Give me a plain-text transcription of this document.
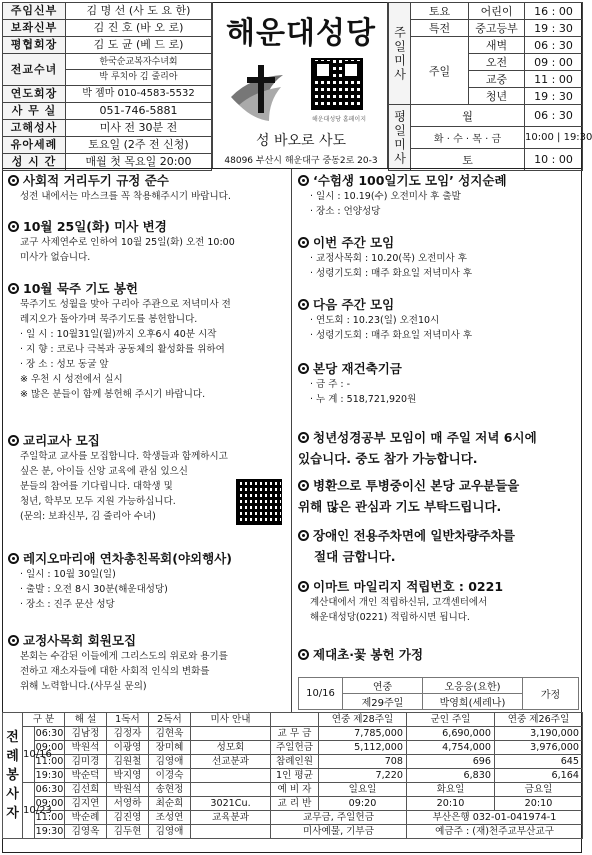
주임신부	김 명 선 (사 도 요 한)
보좌신부	김 진 호 (바 오 로)
평협회장	김 도 균 (베 드 로)
전교수녀	한국순교복자수녀회
박 루치아 김 줄리아

연도회장	박 젬마 010-4583-5532
사 무 실	051-746-5881
고해성사	미사 전 30분 전
유아세례	토요일 (2주 전 신청)
성 시 간	매월 첫 목요일 20:00
해운대성당
해운대성당 홈페이지
성 바오로 사도
48096 부산시 해운대구 중동2로 20-3
주일미사	토요	어린이	16 : 00
	특전	중고등부	19 : 30
	주일	새벽	06 : 30
		오전	09 : 00
		교중	11 : 00
		청년	19 : 30
평일미사	월		06 : 30
	화 · 수 · 목 · 금		10:00 | 19:30
	토		10 : 00
사회적 거리두기 규정 준수

성전 내에서는 마스크를 꼭 착용해주시기 바랍니다.

10월 25일(화) 미사 변경

교구 사제연수로 인하여 10월 25일(화) 오전 10:00

미사가 없습니다.

10월 묵주 기도 봉헌

묵주기도 성월을 맞아 구리아 주관으로 저녁미사 전

레지오가 돌아가며 묵주기도를 봉헌합니다.

· 일 시 : 10월31일(월)까지 오후6시 40분 시작

· 지 향 : 코로나 극복과 공동체의 활성화를 위하여

· 장 소 : 성모 동굴 앞

※ 우천 시 성전에서 실시

※ 많은 분들이 함께 봉헌해 주시기 바랍니다.

교리교사 모집

주일학교 교사를 모집합니다. 학생들과 함께하시고

싶은 분, 아이들 신앙 교육에 관심 있으신

분들의 참여를 기다립니다. 대학생 및

청년, 학부모 모두 지원 가능하십니다.

(문의: 보좌신부, 김 줄리아 수녀)

레지오마리애 연차총친목회(야외행사)

· 일시 : 10월 30일(일)

· 출발 : 오전 8시 30분(해운대성당)

· 장소 : 진주 문산 성당

교정사목회 회원모집

본회는 수감된 이들에게 그리스도의 위로와 용기를

전하고 재소자들에 대한 사회적 인식의 변화를

위해 노력합니다.(사무실 문의)

‘수험생 100일기도 모임’ 성지순례

· 일시 : 10.19(수) 오전미사 후 출발

· 장소 : 언양성당

이번 주간 모임

· 교정사목회 : 10.20(목) 오전미사 후

· 성령기도회 : 매주 화요일 저녁미사 후

다음 주간 모임

· 연도회 : 10.23(일) 오전10시

· 성령기도회 : 매주 화요일 저녁미사 후

본당 재건축기금

· 금 주 : -

· 누 계 : 518,721,920원

청년성경공부 모임이 매 주일 저녁 6시에
있습니다. 중도 참가 가능합니다.
병환으로 투병중이신 본당 교우분들을
위해 많은 관심과 기도 부탁드립니다.
장애인 전용주차면에 일반차량주차를
절대 금합니다.
이마트 마일리지 적립번호 : 0221

계산대에서 개인 적립하신뒤, 고객센터에서

해운대성당(0221) 적립하시면 됩니다.

제대초·꽃 봉헌 가정
10/16	연중	오응응(요한)	가정
	제29주일	박영희(세레나)	
전례봉사자	구 분		해 설	1독서	2독서	미사 안내		연중 제28주일	군인 주일	연중 제26주일
	10/16	06:30	김남정	김정자	김현욱		교 무 금	7,785,000	6,690,000	3,190,000
		09:00	박원석	이광영	장미혜	성모회	주일헌금	5,112,000	4,754,000	3,976,000
		11:00	김미경	김원철	김영애	선교분과	참례인원	708	696	645
		19:30	박순덕	박지영	이경숙		1인 평균	7,220	6,830	6,164
	10/23	06:30	김선희	박원석	송현정		예 비 자	일요일	화요일	금요일
		09:00	김지연	서영하	최순희	3021Cu.	교 리 반	09:20	20:10	20:10
		11:00	박순례	김진영	조성연	교육분과	교무금, 주일헌금		부산은행 032-01-041974-1	
		19:30	김영옥	김두현	김영애		미사예물, 기부금		예금주 : (재)천주교부산교구	
